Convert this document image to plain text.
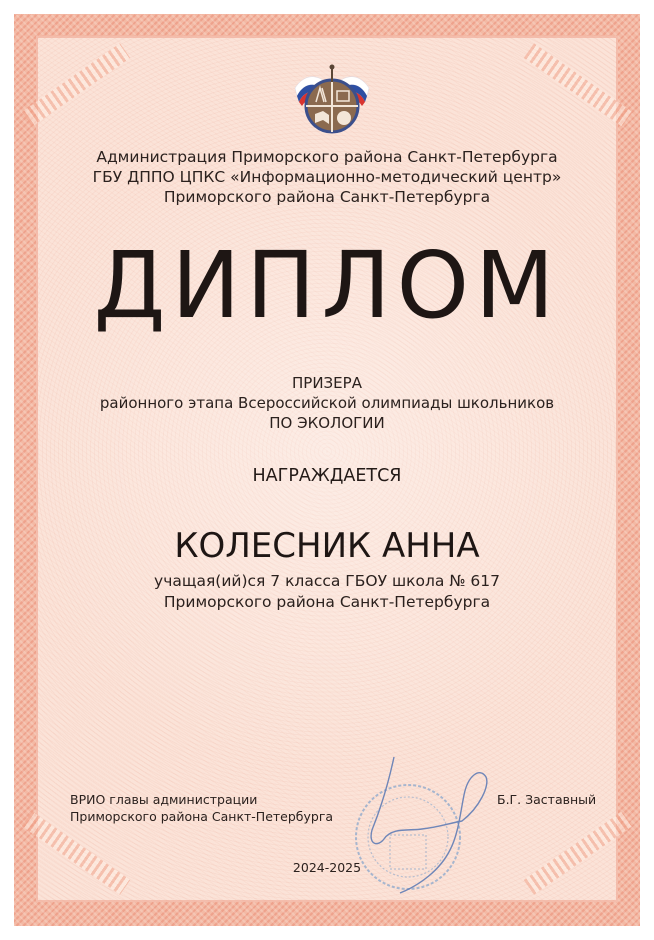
Администрация Приморского района Санкт-Петербурга
ГБУ ДППО ЦПКС «Информационно-методический центр»
Приморского района Санкт-Петербурга
ДИПЛОМ
ПРИЗЕРА
районного этапа Всероссийской олимпиады школьников
ПО ЭКОЛОГИИ
НАГРАЖДАЕТСЯ
КОЛЕСНИК АННА
учащая(ий)ся 7 класса ГБОУ школа № 617
Приморского района Санкт-Петербурга
ВРИО главы администрации
Приморского района Санкт-Петербурга
Б.Г. Заставный
2024-2025
